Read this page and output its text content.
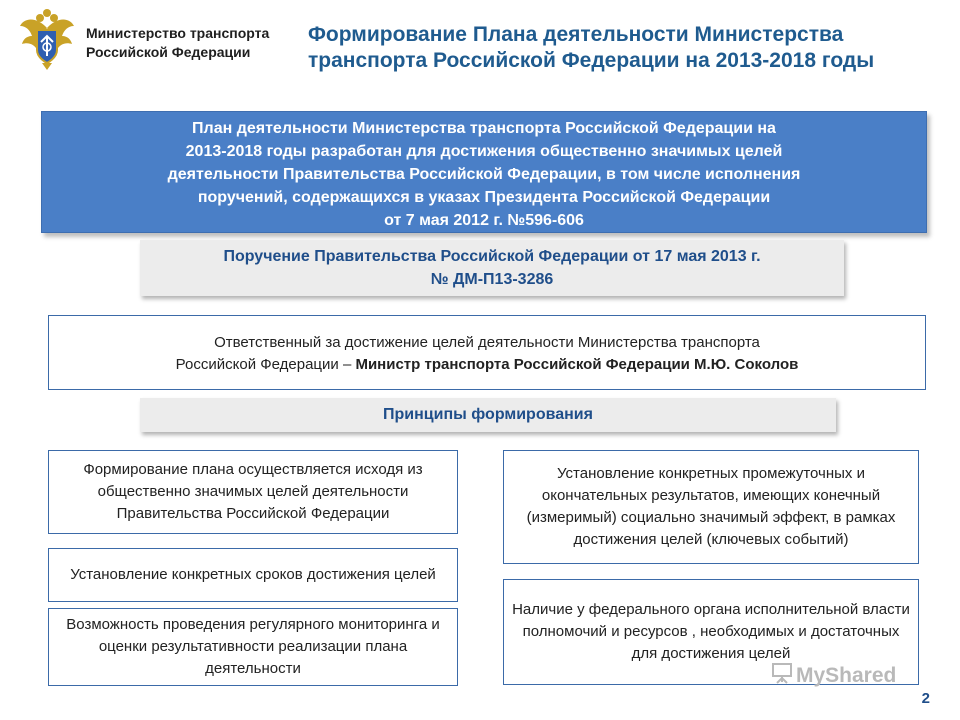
Министерство транспорта
Российской Федерации
Формирование Плана деятельности Министерства
транспорта Российской Федерации на 2013-2018 годы
План деятельности Министерства транспорта Российской Федерации на
2013-2018 годы разработан для достижения общественно значимых целей
деятельности Правительства Российской Федерации, в том числе исполнения
поручений, содержащихся в указах Президента Российской Федерации
от 7 мая 2012 г. №596-606
Поручение Правительства Российской Федерации от 17 мая 2013 г.
№ ДМ-П13-3286
Ответственный за достижение целей деятельности Министерства транспорта
Российской Федерации – Министр транспорта Российской Федерации М.Ю. Соколов
Принципы формирования
Формирование плана осуществляется исходя из общественно значимых целей деятельности Правительства Российской Федерации
Установление конкретных сроков достижения целей
Возможность проведения регулярного мониторинга и оценки результативности реализации плана деятельности
Установление конкретных промежуточных и окончательных результатов, имеющих конечный (измеримый) социально значимый эффект, в рамках достижения целей (ключевых событий)
Наличие у федерального органа исполнительной власти полномочий и ресурсов , необходимых и достаточных для достижения целей
MyShared
2
